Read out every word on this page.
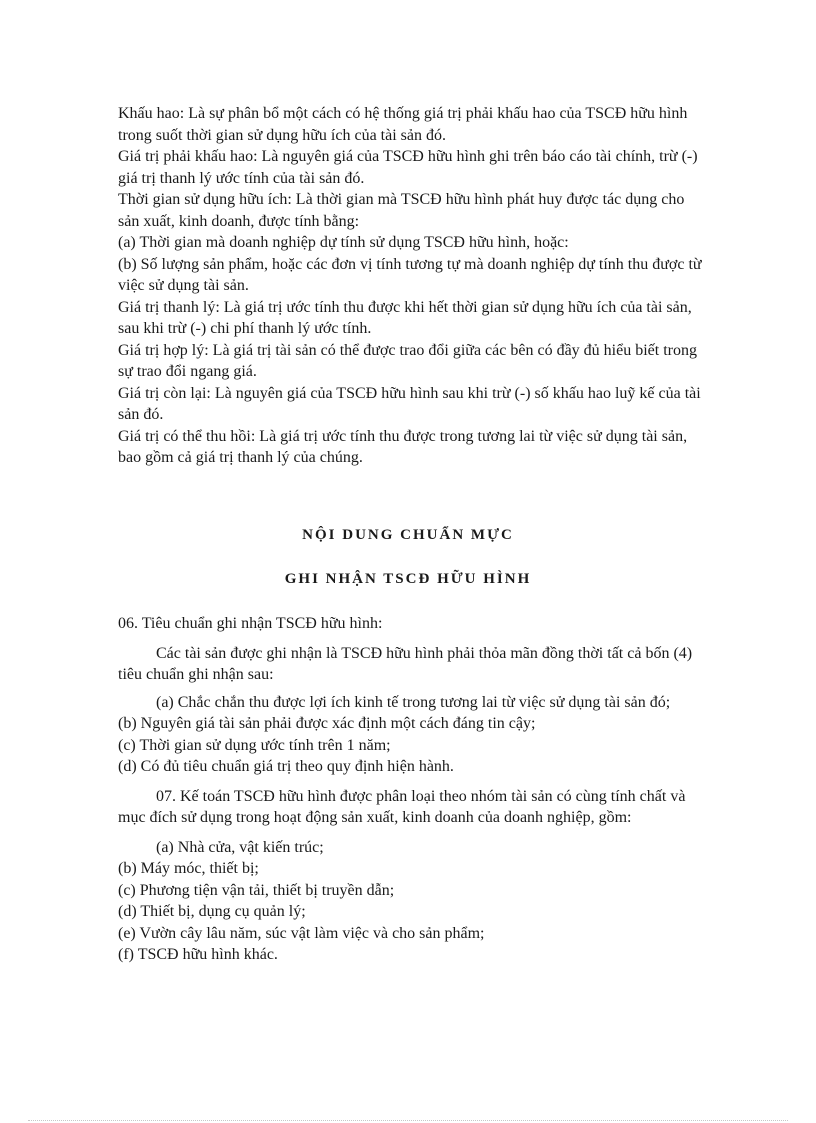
Khấu hao: Là sự phân bổ một cách có hệ thống giá trị phải khấu hao của TSCĐ hữu hình trong suốt thời gian sử dụng hữu ích của tài sản đó.

Giá trị phải khấu hao: Là nguyên giá của TSCĐ hữu hình ghi trên báo cáo tài chính, trừ (-) giá trị thanh lý ước tính của tài sản đó.

Thời gian sử dụng hữu ích: Là thời gian mà TSCĐ hữu hình phát huy được tác dụng cho sản xuất, kinh doanh, được tính bằng:

(a) Thời gian mà doanh nghiệp dự tính sử dụng TSCĐ hữu hình, hoặc:

(b) Số lượng sản phẩm, hoặc các đơn vị tính tương tự mà doanh nghiệp dự tính thu được từ việc sử dụng tài sản.

Giá trị thanh lý: Là giá trị ước tính thu được khi hết thời gian sử dụng hữu ích của tài sản, sau khi trừ (-) chi phí thanh lý ước tính.

Giá trị hợp lý: Là giá trị tài sản có thể được trao đổi giữa các bên có đầy đủ hiểu biết trong sự trao đổi ngang giá.

Giá trị còn lại: Là nguyên giá của TSCĐ hữu hình sau khi trừ (-) số khấu hao luỹ kế của tài sản đó.

Giá trị có thể thu hồi: Là giá trị ước tính thu được trong tương lai từ việc sử dụng tài sản, bao gồm cả giá trị thanh lý của chúng.

NỘI DUNG CHUẨN MỰC
GHI NHẬN TSCĐ HỮU HÌNH

06. Tiêu chuẩn ghi nhận TSCĐ hữu hình:

Các tài sản được ghi nhận là TSCĐ hữu hình phải thỏa mãn đồng thời tất cả bốn (4) tiêu chuẩn ghi nhận sau:

(a) Chắc chắn thu được lợi ích kinh tế trong tương lai từ việc sử dụng tài sản đó;

(b) Nguyên giá tài sản phải được xác định một cách đáng tin cậy;

(c) Thời gian sử dụng ước tính trên 1 năm;

(d) Có đủ tiêu chuẩn giá trị theo quy định hiện hành.

07. Kế toán TSCĐ hữu hình được phân loại theo nhóm tài sản có cùng tính chất và mục đích sử dụng trong hoạt động sản xuất, kinh doanh của doanh nghiệp, gồm:

(a) Nhà cửa, vật kiến trúc;

(b) Máy móc, thiết bị;

(c) Phương tiện vận tải, thiết bị truyền dẫn;

(d) Thiết bị, dụng cụ quản lý;

(e) Vườn cây lâu năm, súc vật làm việc và cho sản phẩm;

(f) TSCĐ hữu hình khác.
